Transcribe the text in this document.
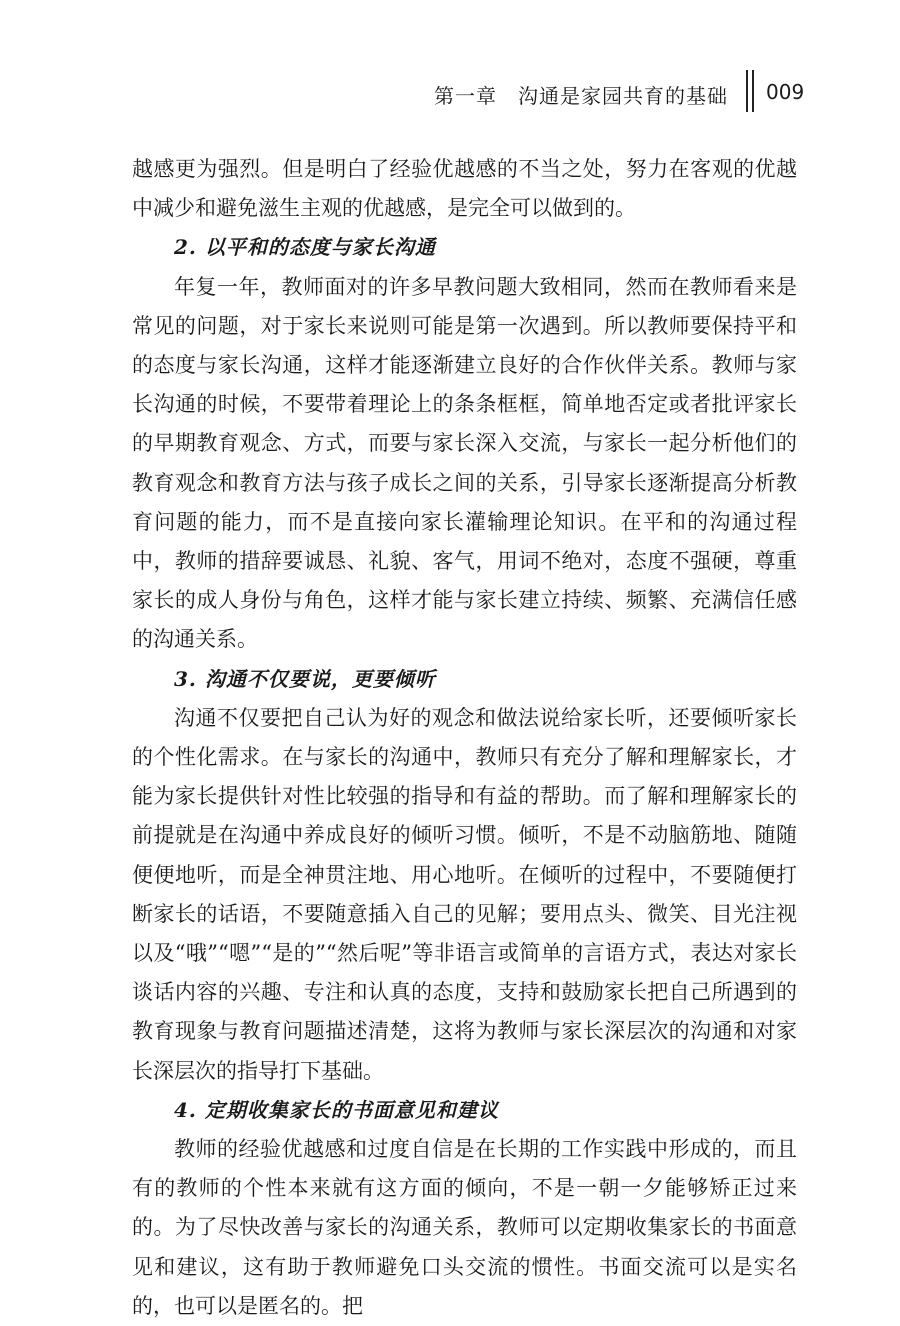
第一章　沟通是家园共育的基础 009

越感更为强烈。但是明白了经验优越感的不当之处，努力在客观的优越中减少和避免滋生主观的优越感，是完全可以做到的。

2. 以平和的态度与家长沟通

年复一年，教师面对的许多早教问题大致相同，然而在教师看来是常见的问题，对于家长来说则可能是第一次遇到。所以教师要保持平和的态度与家长沟通，这样才能逐渐建立良好的合作伙伴关系。教师与家长沟通的时候，不要带着理论上的条条框框，简单地否定或者批评家长的早期教育观念、方式，而要与家长深入交流，与家长一起分析他们的教育观念和教育方法与孩子成长之间的关系，引导家长逐渐提高分析教育问题的能力，而不是直接向家长灌输理论知识。在平和的沟通过程中，教师的措辞要诚恳、礼貌、客气，用词不绝对，态度不强硬，尊重家长的成人身份与角色，这样才能与家长建立持续、频繁、充满信任感的沟通关系。

3. 沟通不仅要说，更要倾听

沟通不仅要把自己认为好的观念和做法说给家长听，还要倾听家长的个性化需求。在与家长的沟通中，教师只有充分了解和理解家长，才能为家长提供针对性比较强的指导和有益的帮助。而了解和理解家长的前提就是在沟通中养成良好的倾听习惯。倾听，不是不动脑筋地、随随便便地听，而是全神贯注地、用心地听。在倾听的过程中，不要随便打断家长的话语，不要随意插入自己的见解；要用点头、微笑、目光注视以及“哦”“嗯”“是的”“然后呢”等非语言或简单的言语方式，表达对家长谈话内容的兴趣、专注和认真的态度，支持和鼓励家长把自己所遇到的教育现象与教育问题描述清楚，这将为教师与家长深层次的沟通和对家长深层次的指导打下基础。

4. 定期收集家长的书面意见和建议

教师的经验优越感和过度自信是在长期的工作实践中形成的，而且有的教师的个性本来就有这方面的倾向，不是一朝一夕能够矫正过来的。为了尽快改善与家长的沟通关系，教师可以定期收集家长的书面意见和建议，这有助于教师避免口头交流的惯性。书面交流可以是实名的，也可以是匿名的。把
